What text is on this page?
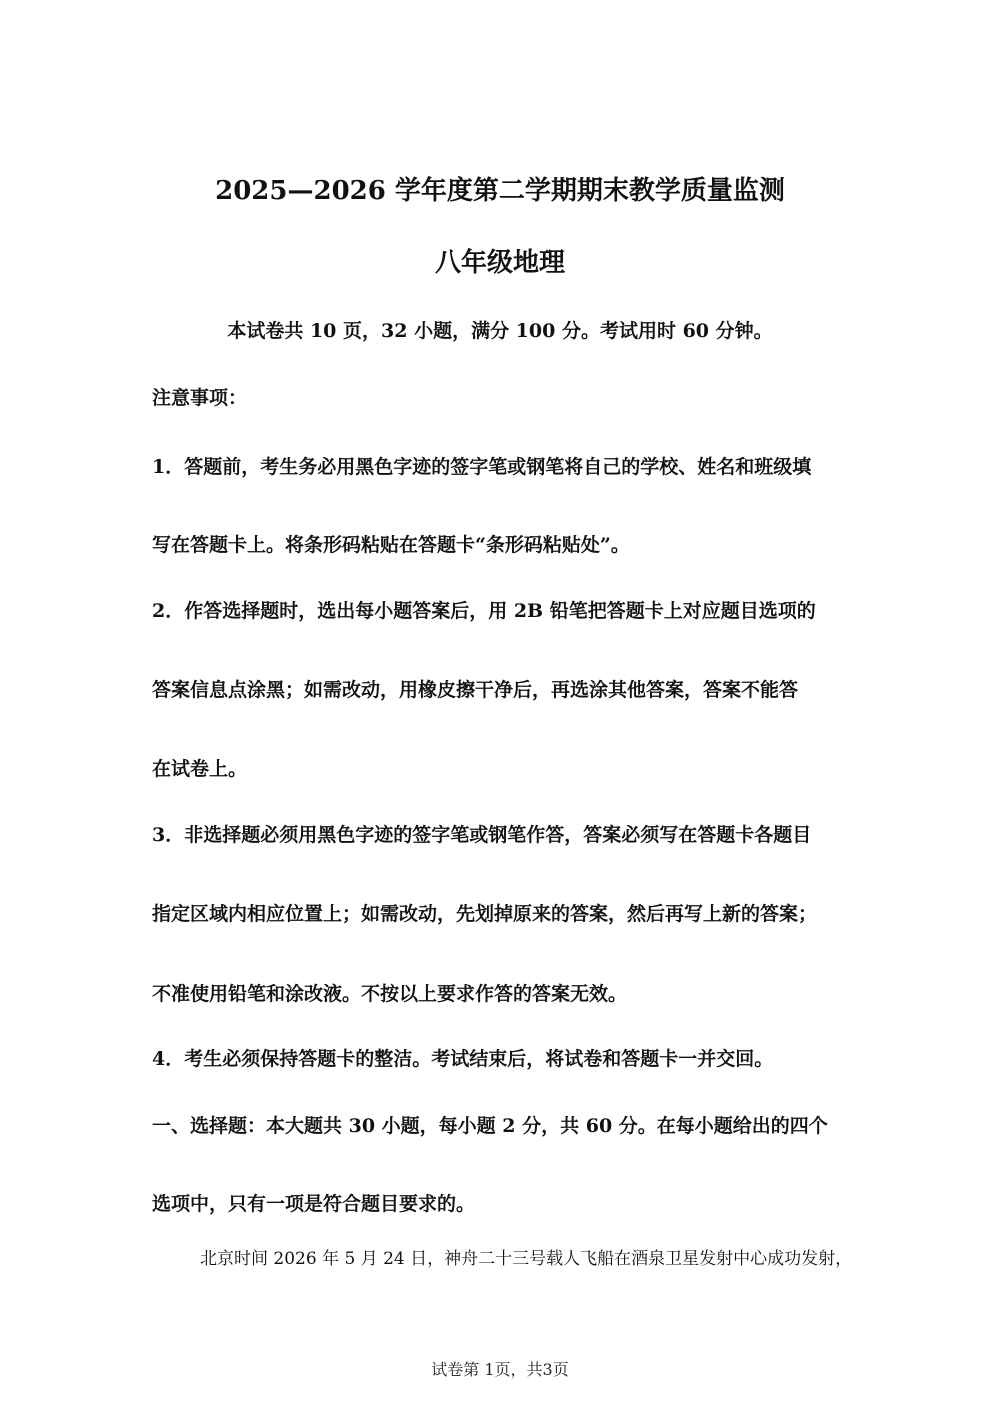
2025—2026 学年度第二学期期末教学质量监测
八年级地理
本试卷共 10 页，32 小题，满分 100 分。考试用时 60 分钟。
注意事项：
1．答题前，考生务必用黑色字迹的签字笔或钢笔将自己的学校、姓名和班级填
写在答题卡上。将条形码粘贴在答题卡“条形码粘贴处”。
2．作答选择题时，选出每小题答案后，用 2B 铅笔把答题卡上对应题目选项的
答案信息点涂黑；如需改动，用橡皮擦干净后，再选涂其他答案，答案不能答
在试卷上。
3．非选择题必须用黑色字迹的签字笔或钢笔作答，答案必须写在答题卡各题目
指定区域内相应位置上；如需改动，先划掉原来的答案，然后再写上新的答案；
不准使用铅笔和涂改液。不按以上要求作答的答案无效。
4．考生必须保持答题卡的整洁。考试结束后，将试卷和答题卡一并交回。
一、选择题：本大题共 30 小题，每小题 2 分，共 60 分。在每小题给出的四个
选项中，只有一项是符合题目要求的。
北京时间 2026 年 5 月 24 日，神舟二十三号载人飞船在酒泉卫星发射中心成功发射，
试卷第 1页，共3页
